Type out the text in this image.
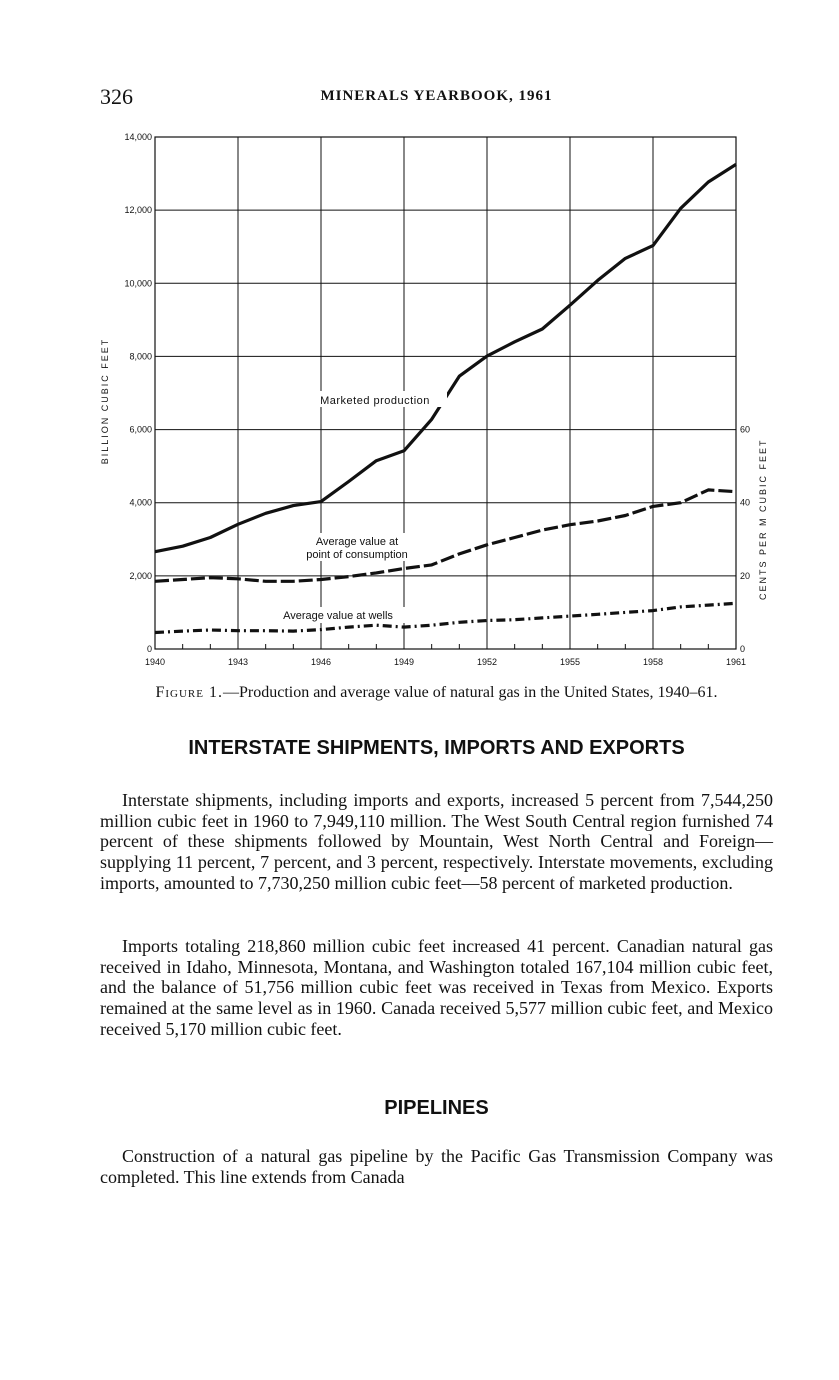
326	MINERALS YEARBOOK, 1961
0
2,000
4,000
6,000
8,000
10,000
12,000
14,000
1940	1943	1946	1949	1952	1955	1958	1961
0
20
40
60
BILLION CUBIC FEET
CENTS PER M CUBIC FEET
Marketed production
Average value at
point of consumption
Average value at wells
Figure 1.—Production and average value of natural gas in the United States, 1940–61.
INTERSTATE SHIPMENTS, IMPORTS AND EXPORTS

Interstate shipments, including imports and exports, increased 5 percent from 7,544,250 million cubic feet in 1960 to 7,949,110 million. The West South Central region furnished 74 percent of these shipments followed by Mountain, West North Central and Foreign—supplying 11 percent, 7 percent, and 3 percent, respectively. Interstate movements, excluding imports, amounted to 7,730,250 million cubic feet—58 percent of marketed production.

Imports totaling 218,860 million cubic feet increased 41 percent. Canadian natural gas received in Idaho, Minnesota, Montana, and Washington totaled 167,104 million cubic feet, and the balance of 51,756 million cubic feet was received in Texas from Mexico. Exports remained at the same level as in 1960. Canada received 5,577 million cubic feet, and Mexico received 5,170 million cubic feet.

PIPELINES

Construction of a natural gas pipeline by the Pacific Gas Transmission Company was completed. This line extends from Canada
